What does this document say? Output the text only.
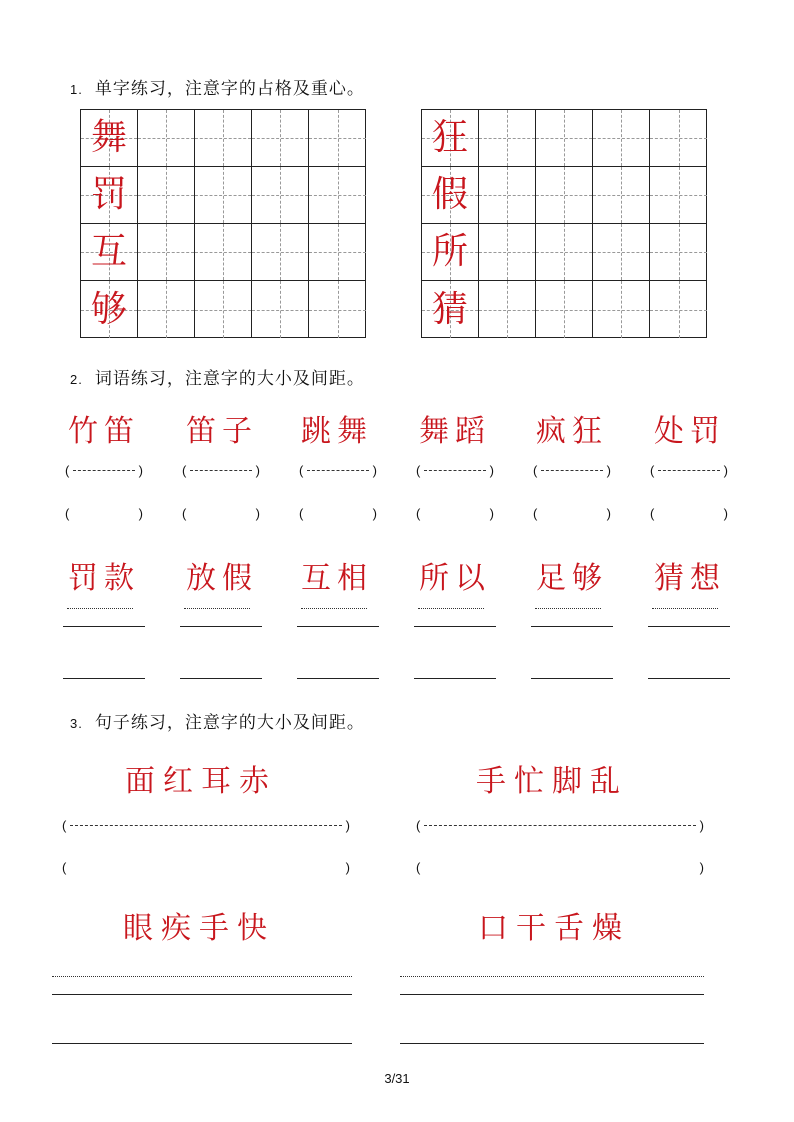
1. 单字练习，注意字的占格及重心。
舞
罚
互
够
狂
假
所
猜
2. 词语练习，注意字的大小及间距。
竹笛
(	)
(	)
罚款
笛子
(	)
(	)
放假
跳舞
(	)
(	)
互相
舞蹈
(	)
(	)
所以
疯狂
(	)
(	)
足够
处罚
(	)
(	)
猜想
3. 句子练习，注意字的大小及间距。
面红耳赤	手忙脚乱
(	)	(	)
(	)	(	)
眼疾手快	口干舌燥
3/31
